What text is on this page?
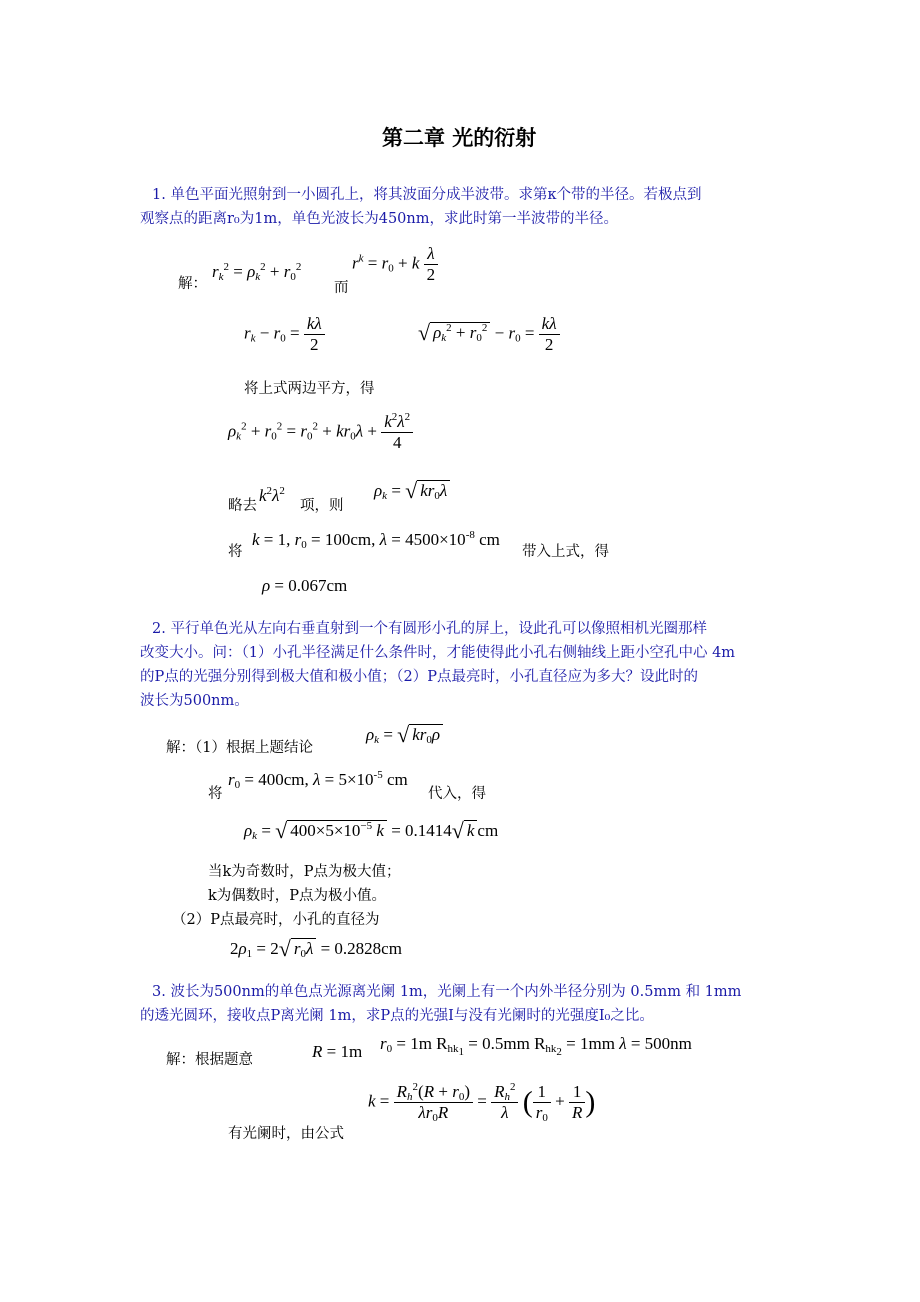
第二章 光的衍射
1. 单色平面光照射到一小圆孔上，将其波面分成半波带。求第κ个带的半径。若极点到
观察点的距离r₀为1m，单色光波长为450nm，求此时第一半波带的半径。
解：
$r_k^2 = \rho_k^2 + r_0^2$
而
$r^k = r_0 + k \frac{\lambda}{2}$
$r_k - r_0 = \frac{k\lambda}{2}$	√ $\rho_k^2 + r_0^2 - r_0 = \frac{k\lambda}{2}$
将上式两边平方，得
$\rho_k^2 + r_0^2 = r_0^2 + kr_0\lambda + \frac{k^2\lambda^2}{4}$
略去
$k^2\lambda^2$
项，则
$\rho_k$ = √ $kr_0\lambda$
将
k = 1, $r_0 = 100cm$, $\lambda = 4500\times 10^{-8}$ cm
带入上式，得
ρ = 0.067cm
2. 平行单色光从左向右垂直射到一个有圆形小孔的屏上，设此孔可以像照相机光圈那样
改变大小。问：（1）小孔半径满足什么条件时，才能使得此小孔右侧轴线上距小空孔中心 4m
的P点的光强分别得到极大值和极小值；（2）P点最亮时，小孔直径应为多大？设此时的
波长为500nm。
解：（1）根据上题结论
$\rho_k$ = √ $kr_0\rho$
将
$r_0 = 400cm$, $\lambda = 5\times 10^{-5}$ cm
代入，得
$\rho_k$ = √ $400\times 5\times 10^{-5}$ k = 0.1414√ k cm
当k为奇数时，P点为极大值；
k为偶数时，P点为极小值。
（2）P点最亮时，小孔的直径为
$2\rho_1 = 2√$ $r_0\lambda = 0.2828cm$
3. 波长为500nm的单色点光源离光阑 1m，光阑上有一个内外半径分别为 0.5mm 和 1mm
的透光圆环，接收点P离光阑 1m，求P点的光强I与没有光阑时的光强度I₀之比。
解：根据题意	R = 1m $r_0 = 1m$ $R_{hk_1} = 0.5mm$ $R_{hk_2} = 1mm$ λ = 500nm
$k = \frac{R_h^2(R + r_0)}{\lambda r_0R} = \frac{R_h^2}{\lambda}$ ( $\frac{1}{r_0} + \frac{1}{R}$ )
有光阑时，由公式
